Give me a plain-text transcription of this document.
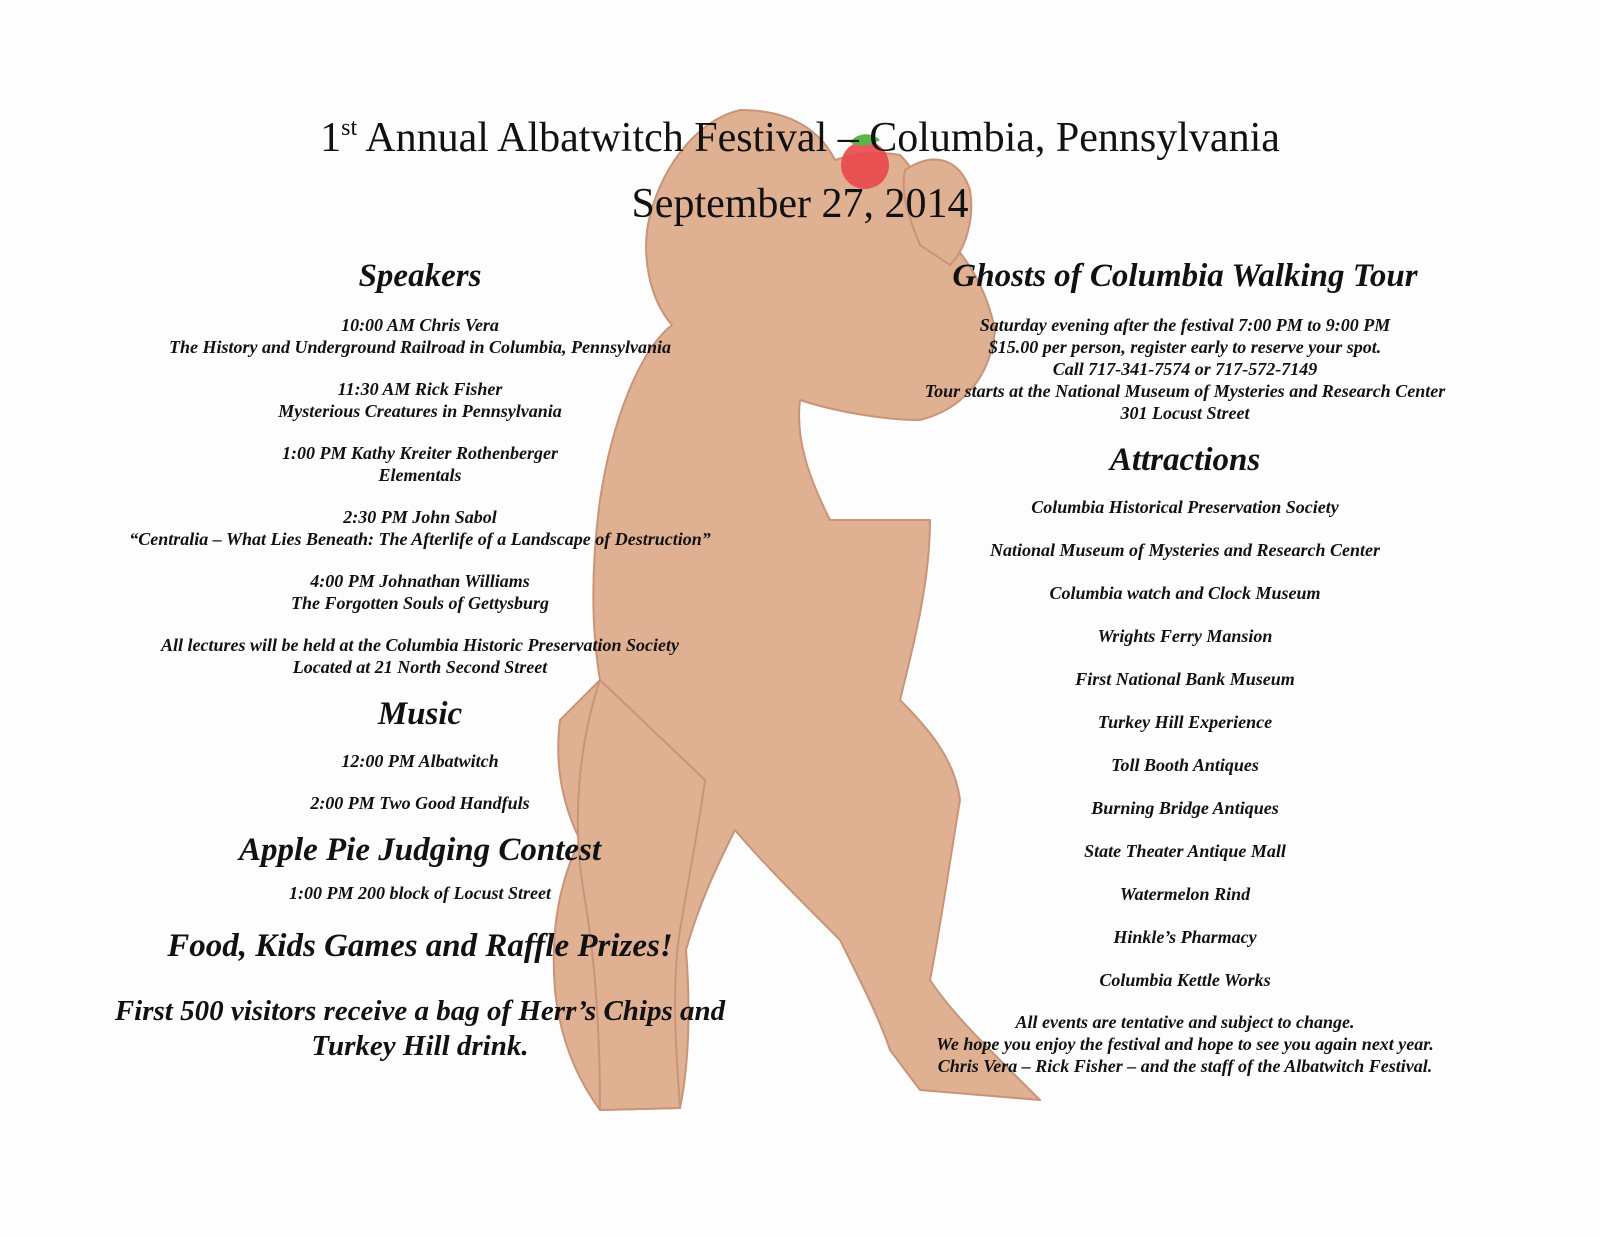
1st Annual Albatwitch Festival – Columbia, Pennsylvania
September 27, 2014
Speakers
10:00 AM Chris Vera
The History and Underground Railroad in Columbia, Pennsylvania
11:30 AM Rick Fisher
Mysterious Creatures in Pennsylvania
1:00 PM Kathy Kreiter Rothenberger
Elementals
2:30 PM John Sabol
“Centralia – What Lies Beneath: The Afterlife of a Landscape of Destruction”
4:00 PM Johnathan Williams
The Forgotten Souls of Gettysburg
All lectures will be held at the Columbia Historic Preservation Society
Located at 21 North Second Street
Music
12:00 PM Albatwitch
2:00 PM Two Good Handfuls
Apple Pie Judging Contest
1:00 PM 200 block of Locust Street
Food, Kids Games and Raffle Prizes!
First 500 visitors receive a bag of Herr’s Chips and
Turkey Hill drink.
Ghosts of Columbia Walking Tour
Saturday evening after the festival 7:00 PM to 9:00 PM
$15.00 per person, register early to reserve your spot.
Call 717-341-7574 or 717-572-7149
Tour starts at the National Museum of Mysteries and Research Center
301 Locust Street
Attractions
Columbia Historical Preservation Society
National Museum of Mysteries and Research Center
Columbia watch and Clock Museum
Wrights Ferry Mansion
First National Bank Museum
Turkey Hill Experience
Toll Booth Antiques
Burning Bridge Antiques
State Theater Antique Mall
Watermelon Rind
Hinkle’s Pharmacy
Columbia Kettle Works
All events are tentative and subject to change.
We hope you enjoy the festival and hope to see you again next year.
Chris Vera – Rick Fisher – and the staff of the Albatwitch Festival.
